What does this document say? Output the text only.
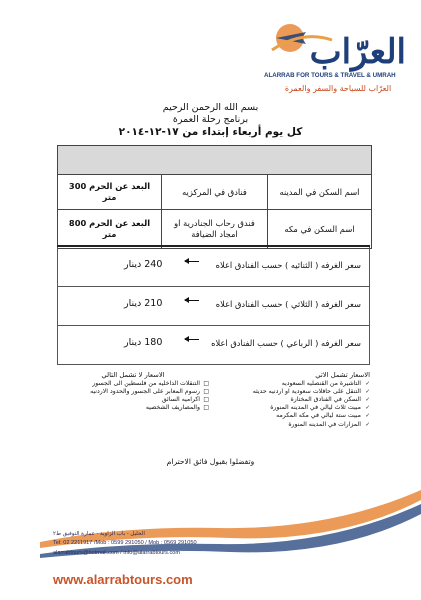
العرّاب
ALARRAB FOR TOURS & TRAVEL & UMRAH
العرّاب للسياحة والسفر والعمرة
بسم الله الرحمن الرحيم
برنامج رحلة العمرة
كل يوم أربعاء إبتداء من ١٧-١٢-٢٠١٤
اسم السكن في المدينه
فنادق في المركزيه
البعد عن الحرم 300 متر
اسم السكن في مكه
فندق رحاب الجنادرية او امجاد الضيافة
البعد عن الحرم 800 متر
سعر الغرفه ( الثنائيه ) حسب الفنادق اعلاه
240 دينار
سعر الغرفه ( الثلاثي ) حسب الفنادق اعلاه
210 دينار
سعر الغرفه ( الرباعي ) حسب الفنادق اعلاه
180 دينار
الاسعار تشمل الاتي
✓ التاشيرة من القنصليه السعوديه
✓ التنقل على حافلات سعودية او اردنيه حديثه
✓ السكن في الفنادق المختارة
✓ مبيت ثلاث ليالي في المدينه المنورة
✓ مبيت ستة ليالي في مكه المكرمه
✓ المزارات في المدينه المنورة
الاسعار لا تشمل التالي
□ التنقلات الداخليه من فلسطين الى الجسور
□ رسوم المعابر على الجسور والحدود الاردنيه
□ اكراميه السائق
□ والمصاريف الشخصيه
وتفضلوا بقبول فائق الاحترام
الخليل - باب الزاوية - عمارة التوفيق ط٢
Tel: 02 2211917 /Mob : 0599 291050 / Mob : 0569 291050
alarrabtours@hotmail.com / info@alarrabtours.com
www.alarrabtours.com
